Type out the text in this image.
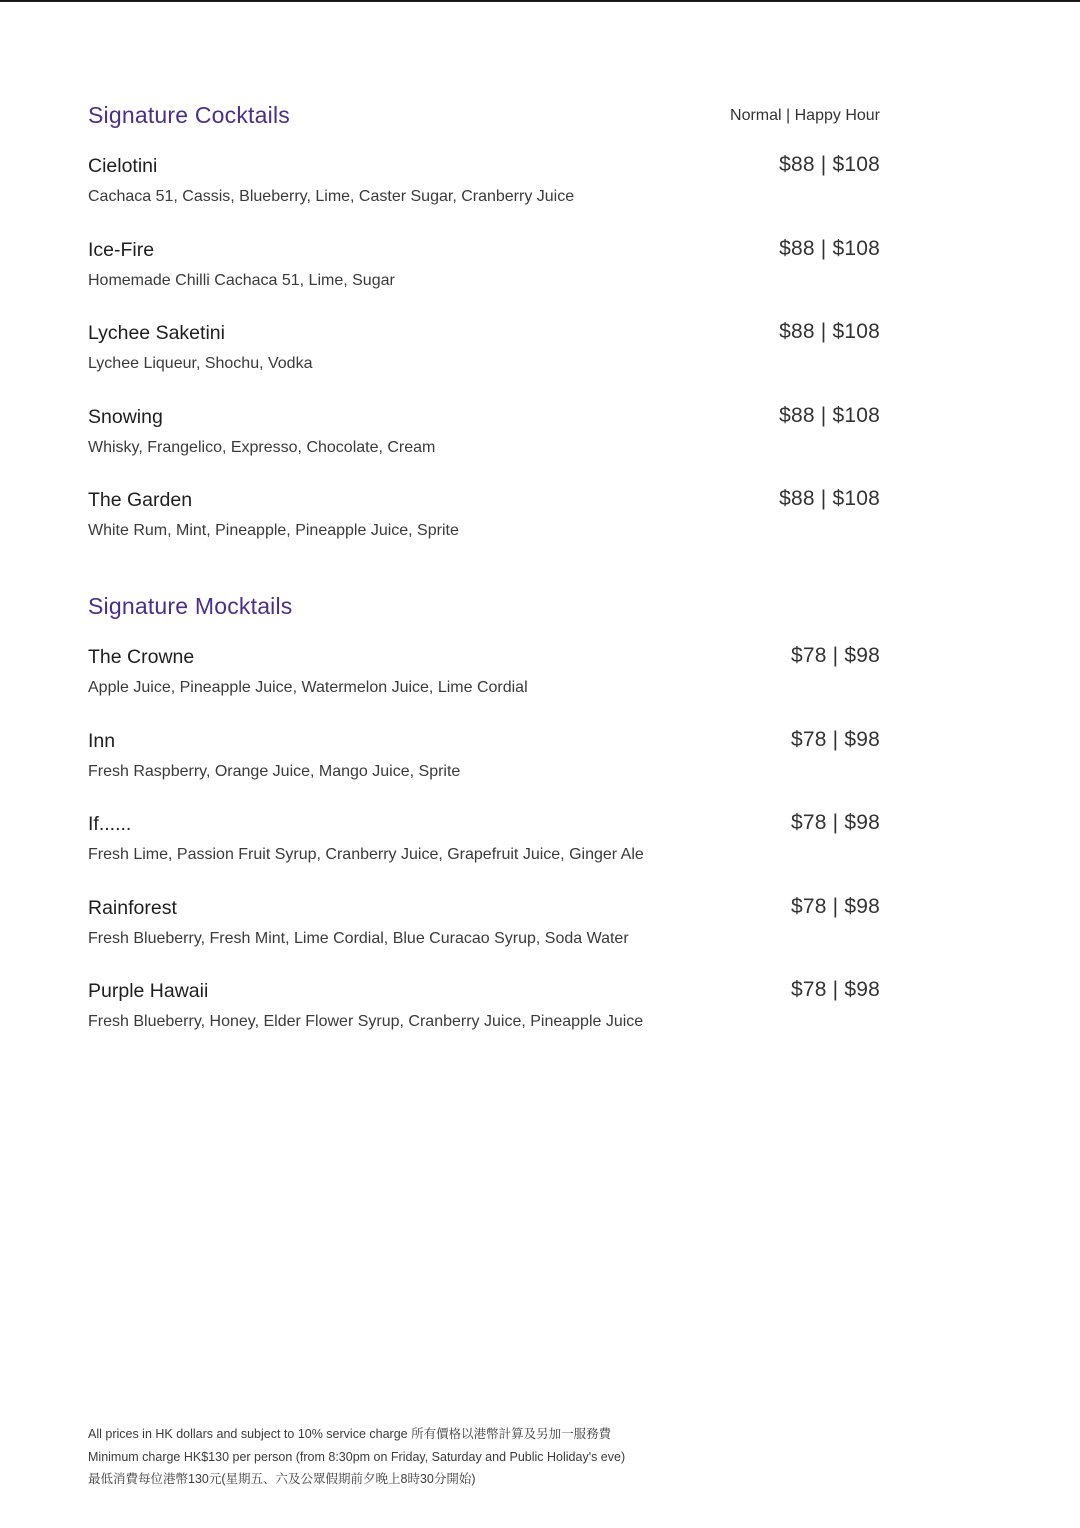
Signature Cocktails	Normal | Happy Hour
Cielotini	$88 | $108
Cachaca 51, Cassis, Blueberry, Lime, Caster Sugar, Cranberry Juice
Ice-Fire	$88 | $108
Homemade Chilli Cachaca 51, Lime, Sugar
Lychee Saketini	$88 | $108
Lychee Liqueur, Shochu, Vodka
Snowing	$88 | $108
Whisky, Frangelico, Expresso, Chocolate, Cream
The Garden	$88 | $108
White Rum, Mint, Pineapple, Pineapple Juice, Sprite
Signature Mocktails
The Crowne	$78 | $98
Apple Juice, Pineapple Juice, Watermelon Juice, Lime Cordial
Inn	$78 | $98
Fresh Raspberry, Orange Juice, Mango Juice, Sprite
If......	$78 | $98
Fresh Lime, Passion Fruit Syrup, Cranberry Juice, Grapefruit Juice, Ginger Ale
Rainforest	$78 | $98
Fresh Blueberry, Fresh Mint, Lime Cordial, Blue Curacao Syrup, Soda Water
Purple Hawaii	$78 | $98
Fresh Blueberry, Honey, Elder Flower Syrup, Cranberry Juice, Pineapple Juice
All prices in HK dollars and subject to 10% service charge 所有價格以港幣計算及另加一服務費
Minimum charge HK$130 per person (from 8:30pm on Friday, Saturday and Public Holiday's eve)
最低消費每位港幣130元(星期五、六及公眾假期前夕晚上8時30分開始)
